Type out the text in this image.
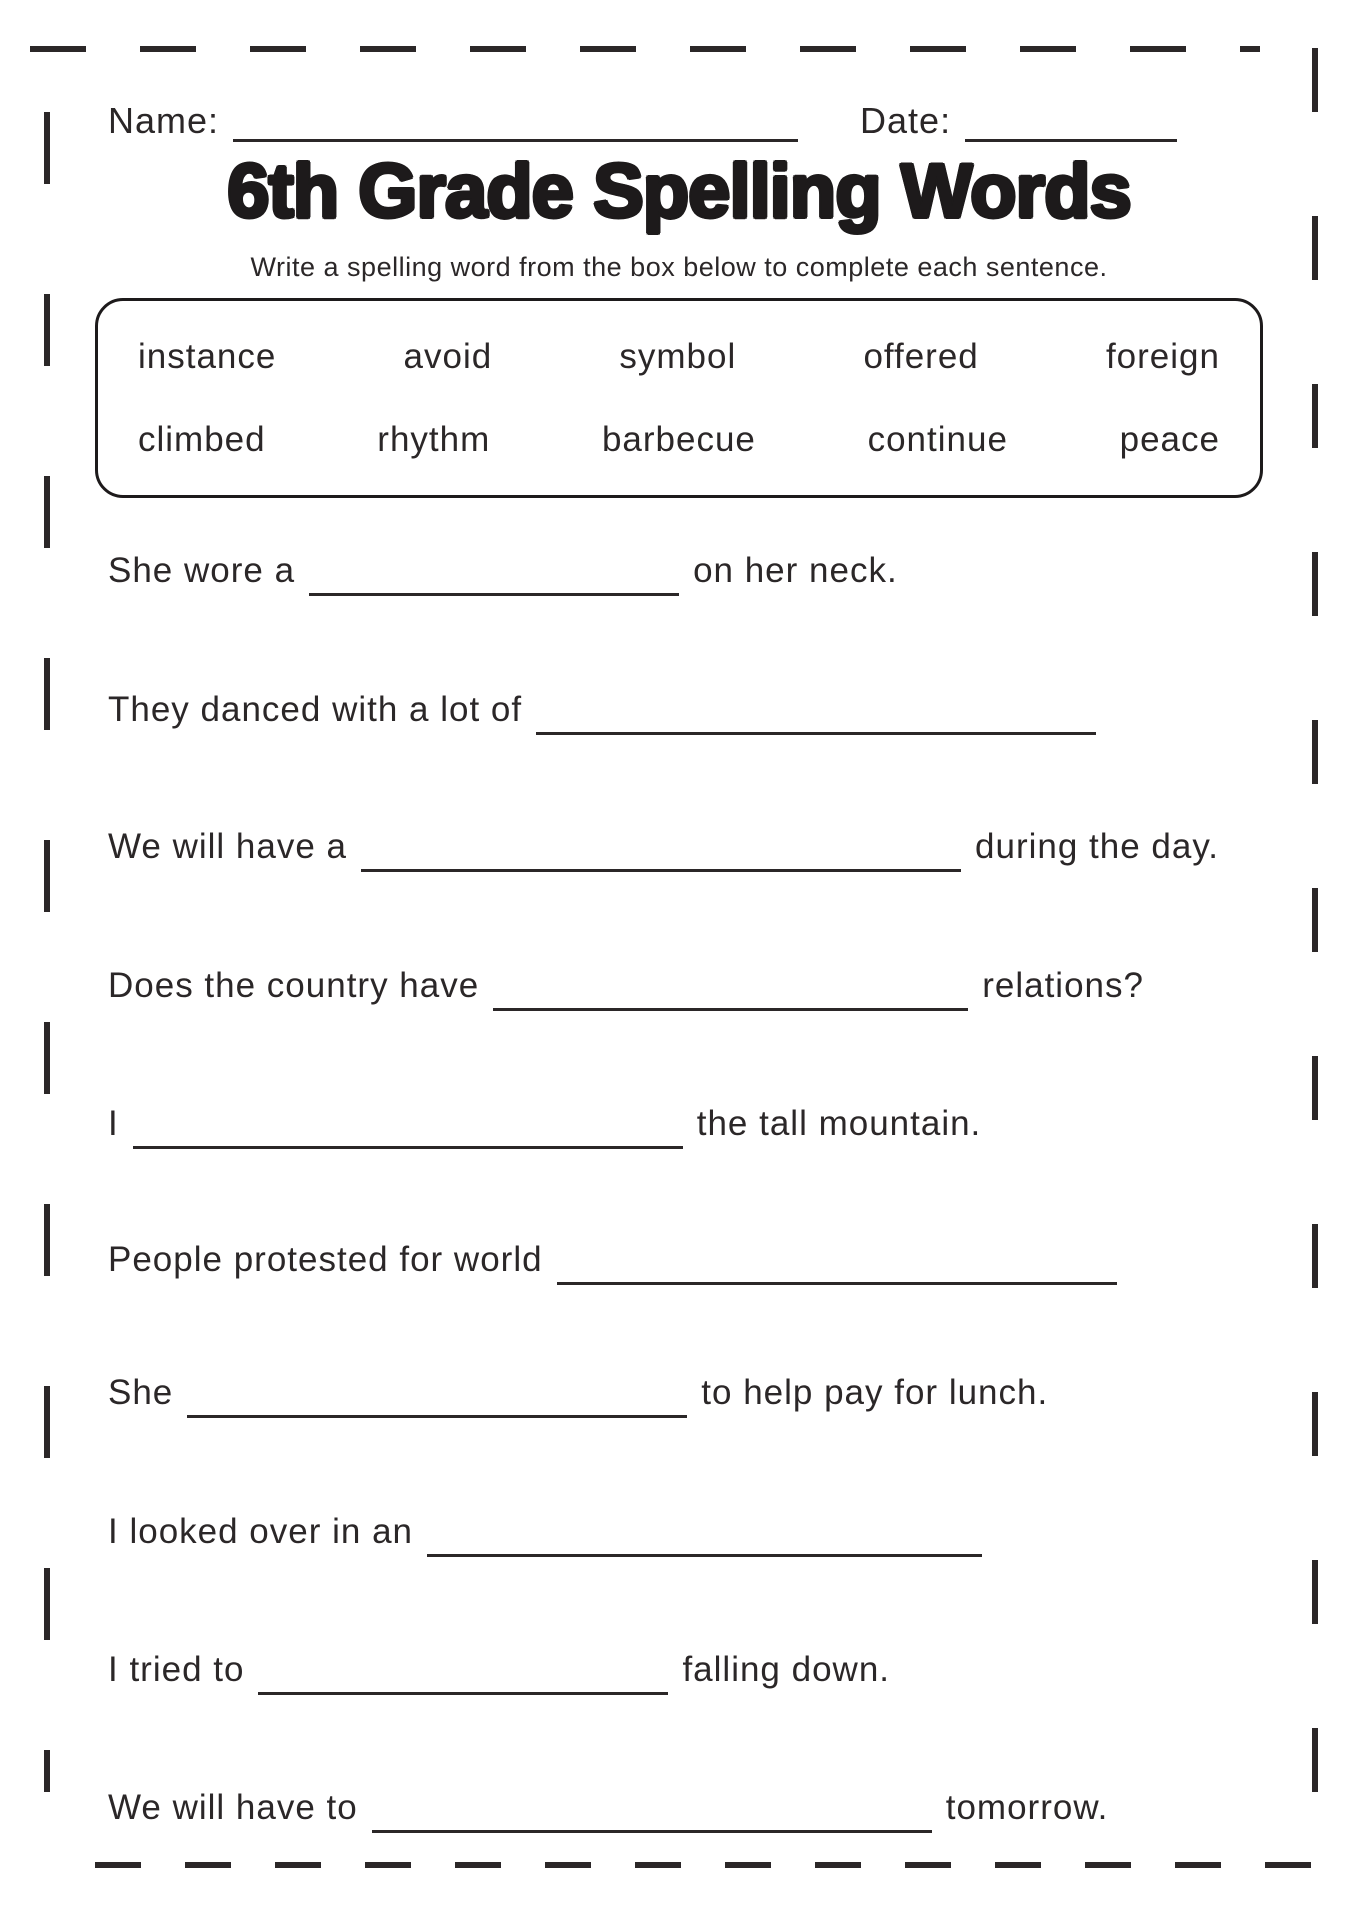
Name:	Date:
6th Grade Spelling Words
Write a spelling word from the box below to complete each sentence.
instance	avoid	symbol	offered	foreign
climbed	rhythm	barbecue	continue	peace
She wore a	on her neck.
They danced with a lot of
We will have a	during the day.
Does the country have	relations?
I	the tall mountain.
People protested for world
She	to help pay for lunch.
I looked over in an
I tried to	falling down.
We will have to	tomorrow.
